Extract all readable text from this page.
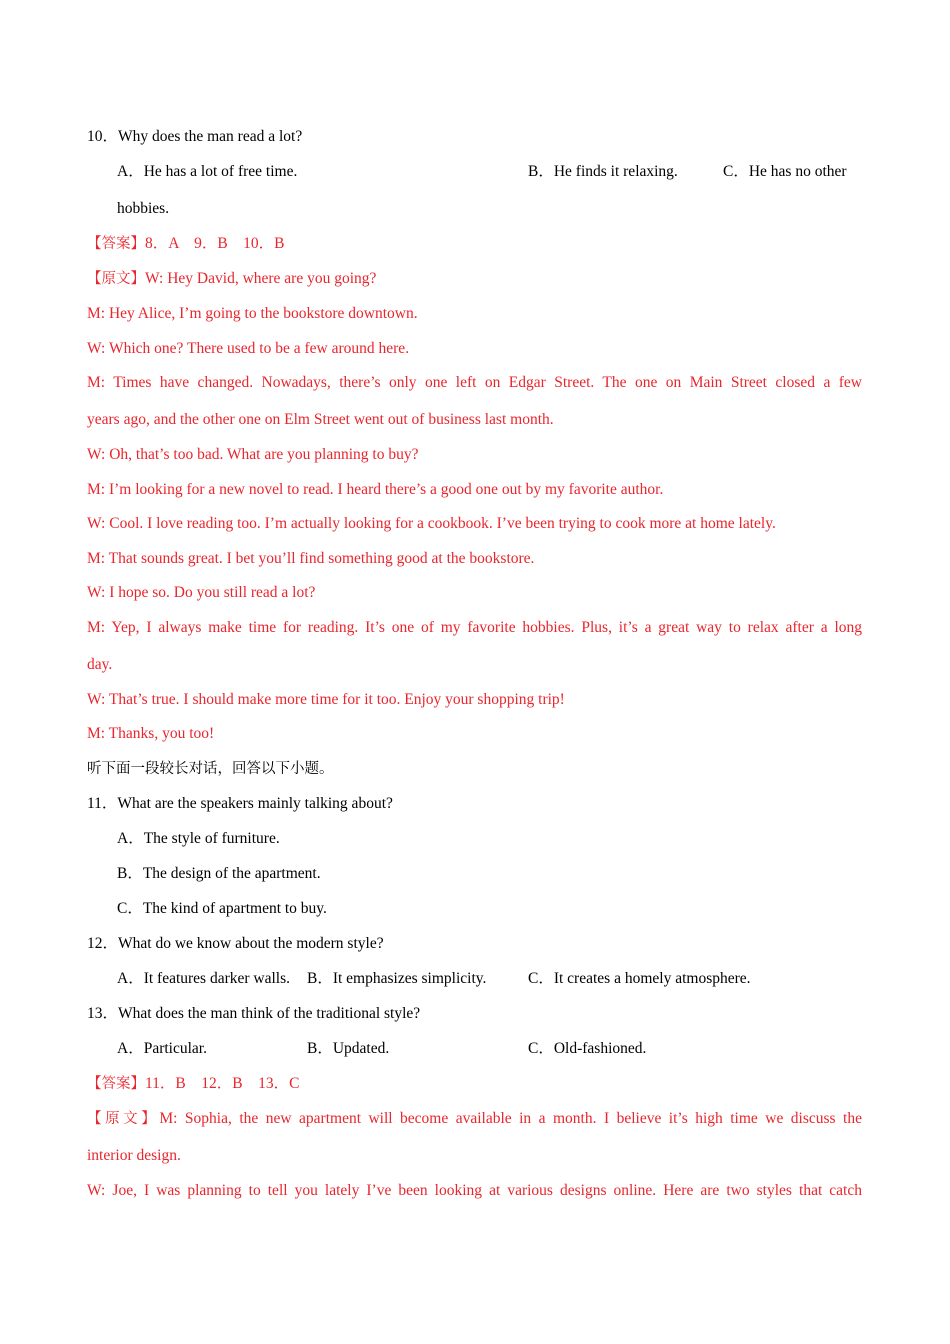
10．Why does the man read a lot?
A．He has a lot of free time.	B．He finds it relaxing.	C．He has no other
hobbies.
【答案】8．A　9．B　10．B
【原文】W: Hey David, where are you going?
M: Hey Alice, I’m going to the bookstore downtown.
W: Which one? There used to be a few around here.
M: Times have changed. Nowadays, there’s only one left on Edgar Street. The one on Main Street closed a few
years ago, and the other one on Elm Street went out of business last month.
W: Oh, that’s too bad. What are you planning to buy?
M: I’m looking for a new novel to read. I heard there’s a good one out by my favorite author.
W: Cool. I love reading too. I’m actually looking for a cookbook. I’ve been trying to cook more at home lately.
M: That sounds great. I bet you’ll find something good at the bookstore.
W: I hope so. Do you still read a lot?
M: Yep, I always make time for reading. It’s one of my favorite hobbies. Plus, it’s a great way to relax after a long
day.
W: That’s true. I should make more time for it too. Enjoy your shopping trip!
M: Thanks, you too!
听下面一段较长对话，回答以下小题。
11．What are the speakers mainly talking about?
A．The style of furniture.
B．The design of the apartment.
C．The kind of apartment to buy.
12．What do we know about the modern style?
A．It features darker walls. B．It emphasizes simplicity.	C．It creates a homely atmosphere.
13．What does the man think of the traditional style?
A．Particular.	B．Updated.	C．Old-fashioned.
【答案】11．B　12．B　13．C
【原文】M: Sophia, the new apartment will become available in a month. I believe it’s high time we discuss the
interior design.
W: Joe, I was planning to tell you lately I’ve been looking at various designs online. Here are two styles that catch
